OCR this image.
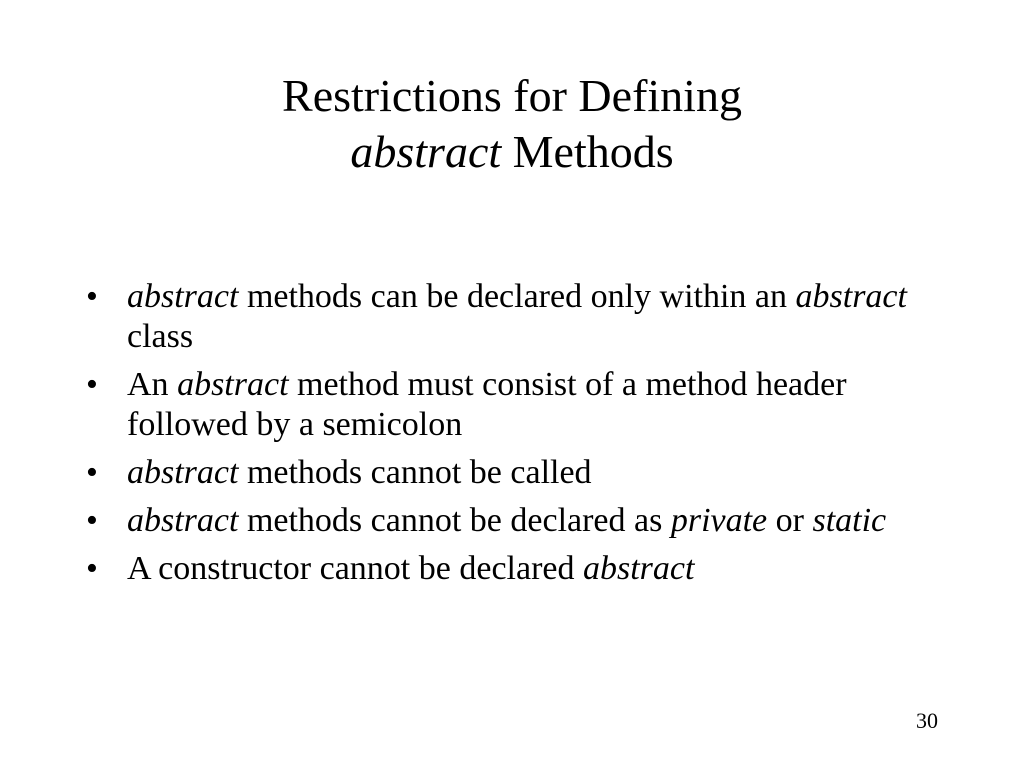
Restrictions for Defining
abstract Methods
• abstract methods can be declared only within an abstract class
• An abstract method must consist of a method header followed by a semicolon
• abstract methods cannot be called
• abstract methods cannot be declared as private or static
• A constructor cannot be declared abstract
30
